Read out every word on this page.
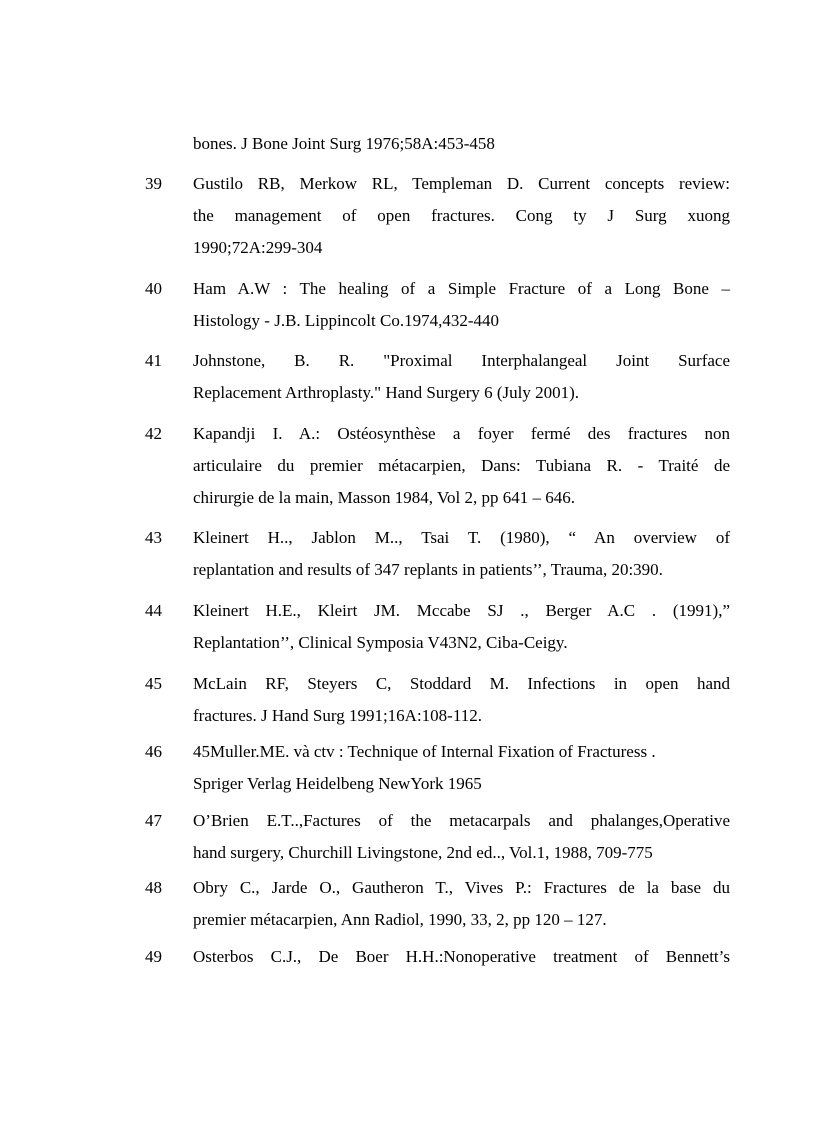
bones. J Bone Joint Surg 1976;58A:453-458
39 Gustilo RB, Merkow RL, Templeman D. Current concepts review:
the management of open fractures. Cong ty J Surg xuong
1990;72A:299-304
40 Ham A.W : The healing of a Simple Fracture of a Long Bone –
Histology - J.B. Lippincolt Co.1974,432-440
41 Johnstone, B. R. "Proximal Interphalangeal Joint Surface
Replacement Arthroplasty." Hand Surgery 6 (July 2001).
42 Kapandji I. A.: Ostéosynthèse a foyer fermé des fractures non
articulaire du premier métacarpien, Dans: Tubiana R. - Traité de
chirurgie de la main, Masson 1984, Vol 2, pp 641 – 646.
43 Kleinert H.., Jablon M.., Tsai T. (1980), “ An overview of
replantation and results of 347 replants in patients’’, Trauma, 20:390.
44 Kleinert H.E., Kleirt JM. Mccabe SJ ., Berger A.C . (1991),”
Replantation’’, Clinical Symposia V43N2, Ciba-Ceigy.
45 McLain RF, Steyers C, Stoddard M. Infections in open hand
fractures. J Hand Surg 1991;16A:108-112.
46 45Muller.ME. và ctv : Technique of Internal Fixation of Fracturess .
Spriger Verlag Heidelbeng NewYork 1965
47 O’Brien E.T..,Factures of the metacarpals and phalanges,Operative
hand surgery, Churchill Livingstone, 2nd ed.., Vol.1, 1988, 709-775
48 Obry C., Jarde O., Gautheron T., Vives P.: Fractures de la base du
premier métacarpien, Ann Radiol, 1990, 33, 2, pp 120 – 127.
49 Osterbos C.J., De Boer H.H.:Nonoperative treatment of Bennett’s
